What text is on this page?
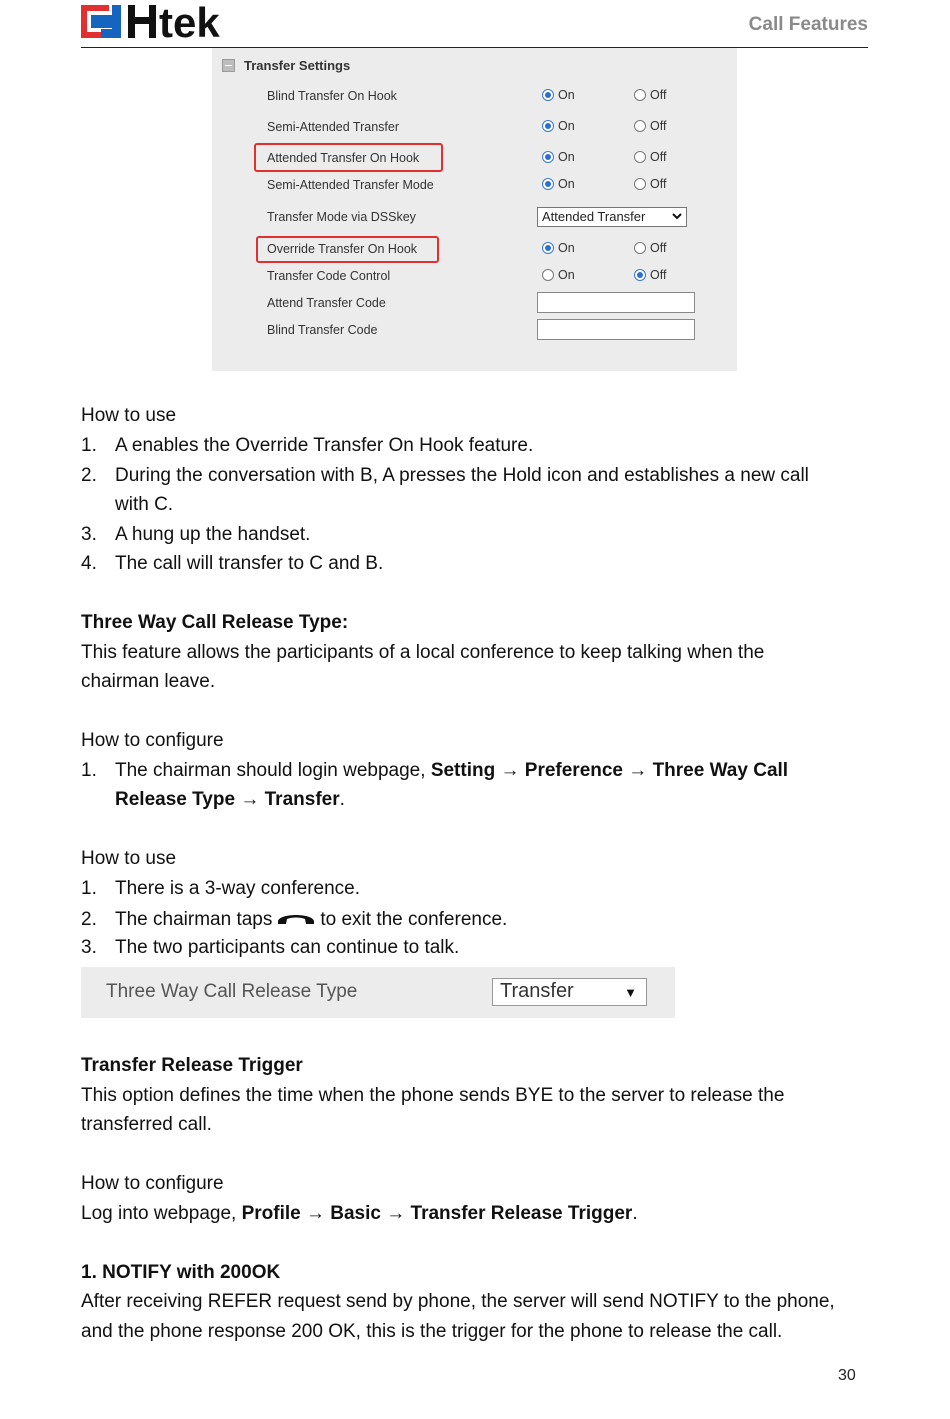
tek	Call Features
Transfer Settings
Blind Transfer On Hook	On	Off
Semi-Attended Transfer	On	Off
Attended Transfer On Hook	On	Off
Semi-Attended Transfer Mode	On	Off
Transfer Mode via DSSkey	Attended Transfer
Override Transfer On Hook	On	Off
Transfer Code Control	On	Off
Attend Transfer Code
Blind Transfer Code
How to use
1. A enables the Override Transfer On Hook feature.
2. During the conversation with B, A presses the Hold icon and establishes a new call
with C.
3. A hung up the handset.
4. The call will transfer to C and B.
Three Way Call Release Type:
This feature allows the participants of a local conference to keep talking when the
chairman leave.
How to configure
1. The chairman should login webpage, Setting → Preference → Three Way Call
Release Type → Transfer.
How to use
1. There is a 3-way conference.
2. The chairman taps	to exit the conference.
3. The two participants can continue to talk.
Three Way Call Release Type	Transfer	▼
Transfer Release Trigger
This option defines the time when the phone sends BYE to the server to release the
transferred call.
How to configure
Log into webpage, Profile → Basic → Transfer Release Trigger.
1. NOTIFY with 200OK
After receiving REFER request send by phone, the server will send NOTIFY to the phone,
and the phone response 200 OK, this is the trigger for the phone to release the call.
30
